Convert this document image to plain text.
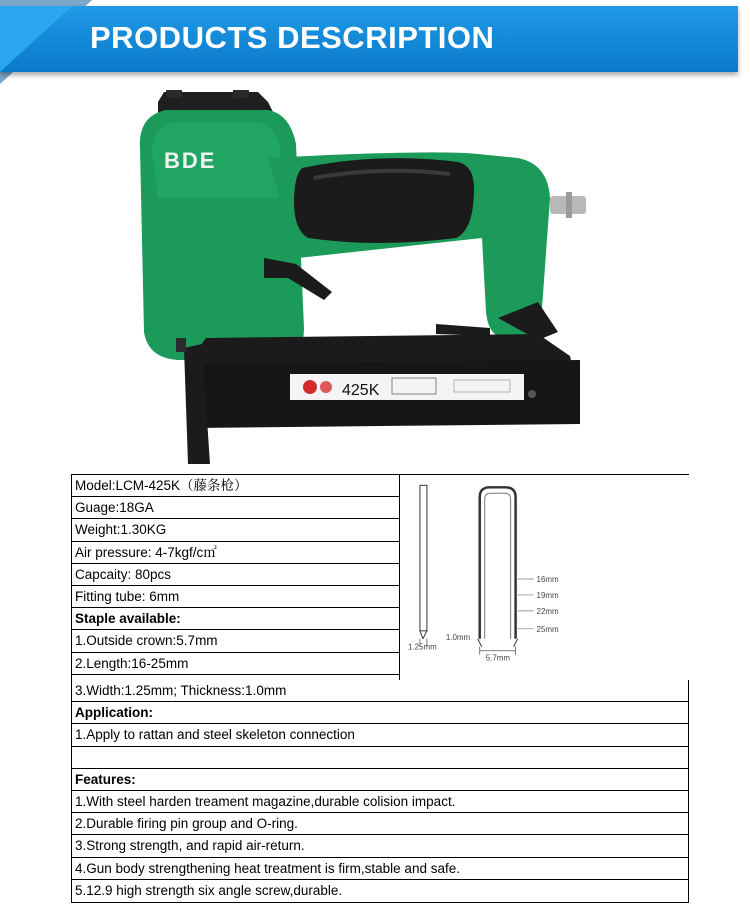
PRODUCTS DESCRIPTION
BDE
425K
Model:LCM-425K（藤条枪）
Guage:18GA
Weight:1.30KG
Air pressure: 4-7kgf/c㎡
Capcaity: 80pcs
Fitting tube: 6mm
Staple available:
1.Outside crown:5.7mm
2.Length:16-25mm
1.25mm
1.0mm
5.7mm
16mm
19mm
22mm
25mm
3.Width:1.25mm; Thickness:1.0mm
Application:
1.Apply to rattan and steel skeleton connection
Features:
1.With steel harden treament magazine,durable colision impact.
2.Durable firing pin group and O-ring.
3.Strong strength, and rapid air-return.
4.Gun body strengthening heat treatment is firm,stable and safe.
5.12.9 high strength six angle screw,durable.
